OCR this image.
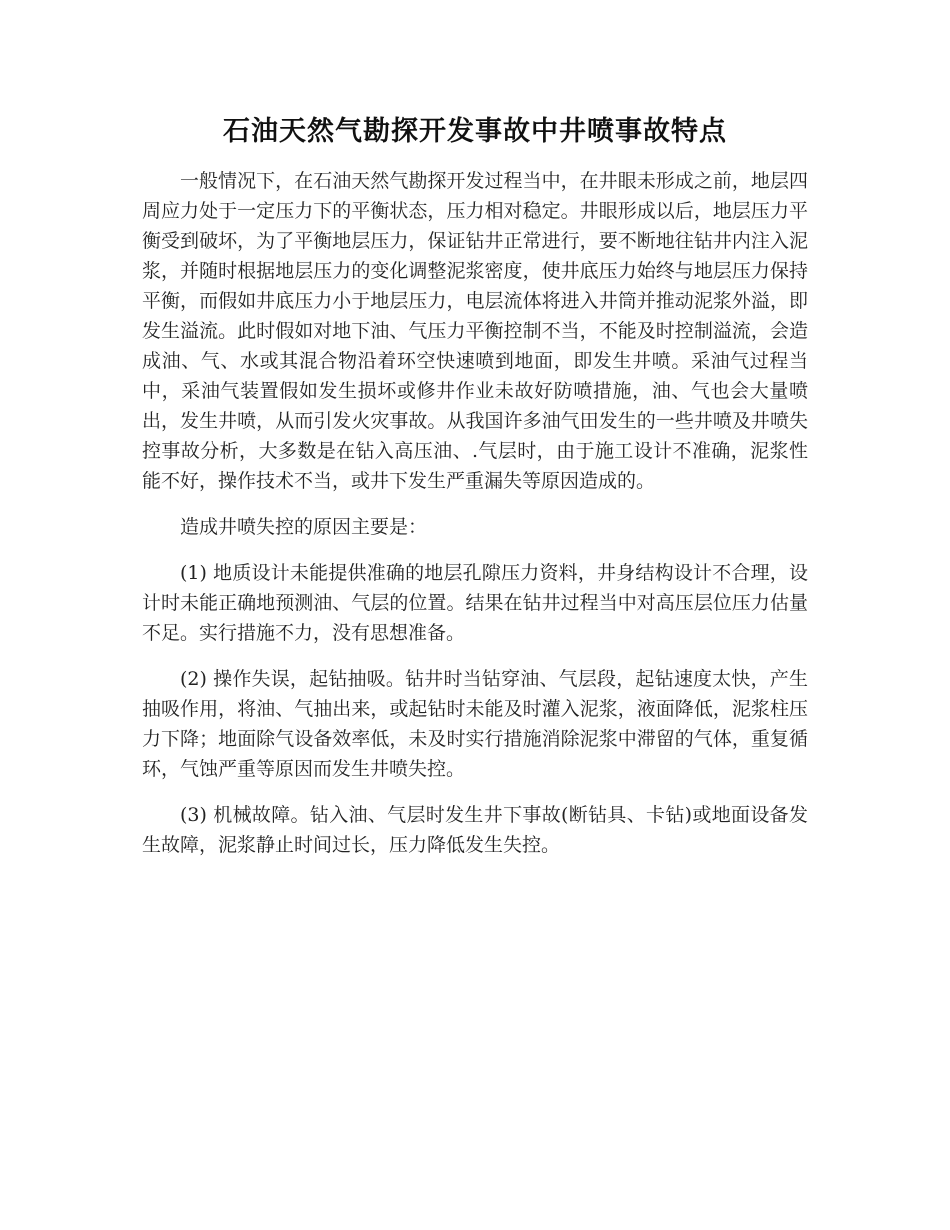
石油天然气勘探开发事故中井喷事故特点

一般情况下，在石油天然气勘探开发过程当中，在井眼未形成之前，地层四周应力处于一定压力下的平衡状态，压力相对稳定。井眼形成以后，地层压力平衡受到破坏，为了平衡地层压力，保证钻井正常进行，要不断地往钻井内注入泥浆，并随时根据地层压力的变化调整泥浆密度，使井底压力始终与地层压力保持平衡，而假如井底压力小于地层压力，电层流体将进入井筒并推动泥浆外溢，即发生溢流。此时假如对地下油、气压力平衡控制不当，不能及时控制溢流，会造成油、气、水或其混合物沿着环空快速喷到地面，即发生井喷。采油气过程当中，采油气装置假如发生损坏或修井作业未故好防喷措施，油、气也会大量喷出，发生井喷，从而引发火灾事故。从我国许多油气田发生的一些井喷及井喷失控事故分析，大多数是在钻入高压油、.气层时，由于施工设计不准确，泥浆性能不好，操作技术不当，或井下发生严重漏失等原因造成的。

造成井喷失控的原因主要是：

(1) 地质设计未能提供准确的地层孔隙压力资料，井身结构设计不合理，设计时未能正确地预测油、气层的位置。结果在钻井过程当中对高压层位压力估量不足。实行措施不力，没有思想准备。

(2) 操作失误，起钻抽吸。钻井时当钻穿油、气层段，起钻速度太快，产生抽吸作用，将油、气抽出来，或起钻时未能及时灌入泥浆，液面降低，泥浆柱压力下降；地面除气设备效率低，未及时实行措施消除泥浆中滞留的气体，重复循环，气蚀严重等原因而发生井喷失控。

(3) 机械故障。钻入油、气层时发生井下事故(断钻具、卡钻)或地面设备发生故障，泥浆静止时间过长，压力降低发生失控。
